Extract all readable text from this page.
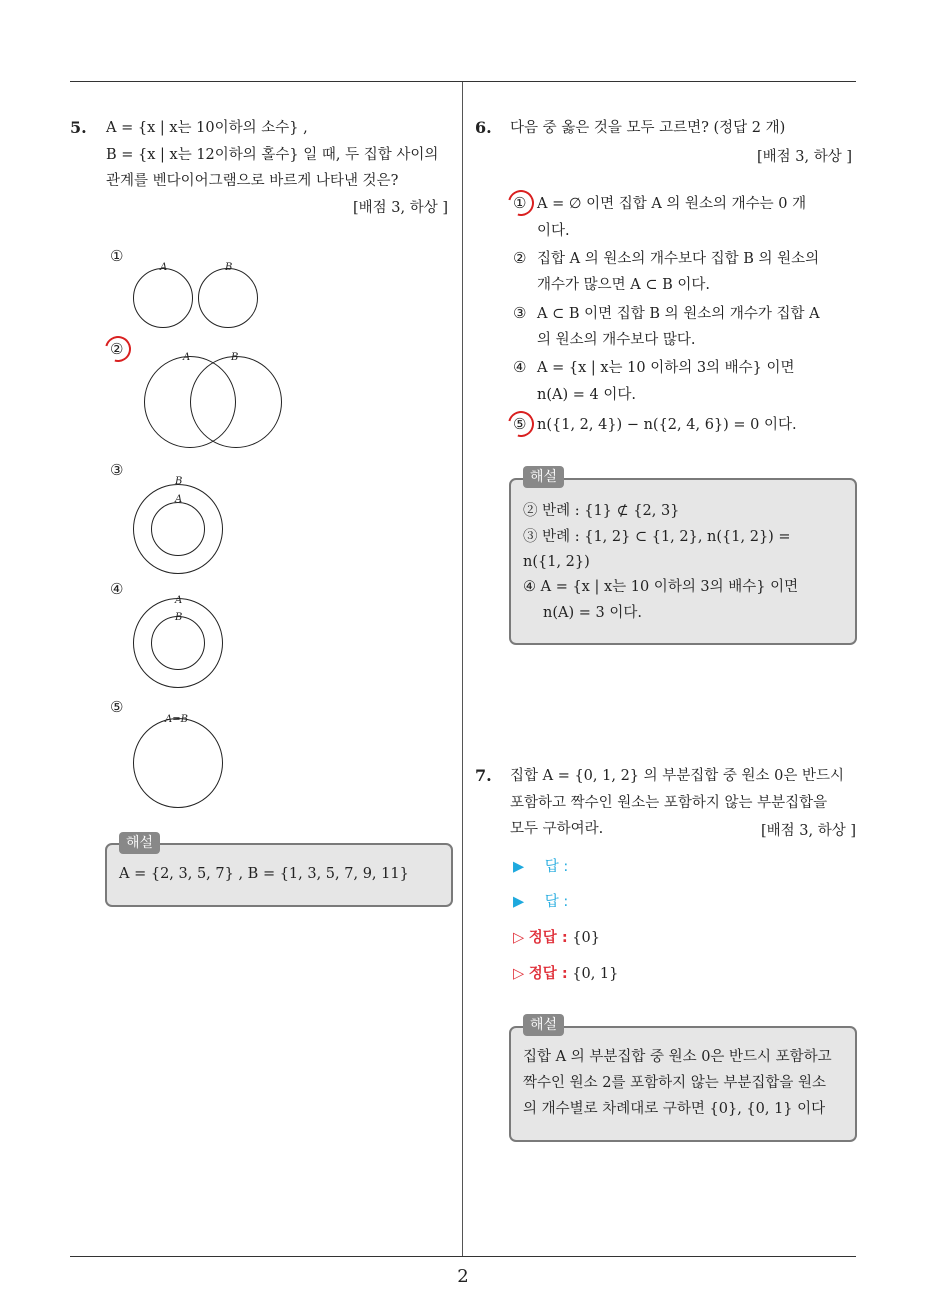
2
5. A = {x | x는 10이하의 소수} ,
B = {x | x는 12이하의 홀수} 일 때, 두 집합 사이의
관계를 벤다이어그램으로 바르게 나타낸 것은?
[배점 3, 하상 ]
①
A	B
②	A	B
③
B
A
④
A
B
⑤
A=B
A = {2, 3, 5, 7} , B = {1, 3, 5, 7, 9, 11}
해설
6. 다음 중 옳은 것을 모두 고르면? (정답 2 개)
[배점 3, 하상 ]
① A = ∅ 이면 집합 A 의 원소의 개수는 0 개
이다.
② 집합 A 의 원소의 개수보다 집합 B 의 원소의
개수가 많으면 A ⊂ B 이다.
③ A ⊂ B 이면 집합 B 의 원소의 개수가 집합 A
의 원소의 개수보다 많다.
④ A = {x | x는 10 이하의 3의 배수} 이면
n(A) = 4 이다.
⑤ n({1, 2, 4}) − n({2, 4, 6}) = 0 이다.
② 반례 : {1} ⊄ {2, 3}
③ 반례 : {1, 2} ⊂ {1, 2}, n({1, 2}) =
n({1, 2})
④ A = {x | x는 10 이하의 3의 배수} 이면
n(A) = 3 이다.
해설
7. 집합 A = {0, 1, 2} 의 부분집합 중 원소 0은 반드시
포함하고 짝수인 원소는 포함하지 않는 부분집합을
모두 구하여라.	[배점 3, 하상 ]
▶ 답 :
▶ 답 :
▷ 정답 : {0}
▷ 정답 : {0, 1}
집합 A 의 부분집합 중 원소 0은 반드시 포함하고
짝수인 원소 2를 포함하지 않는 부분집합을 원소
의 개수별로 차례대로 구하면 {0}, {0, 1} 이다
해설
